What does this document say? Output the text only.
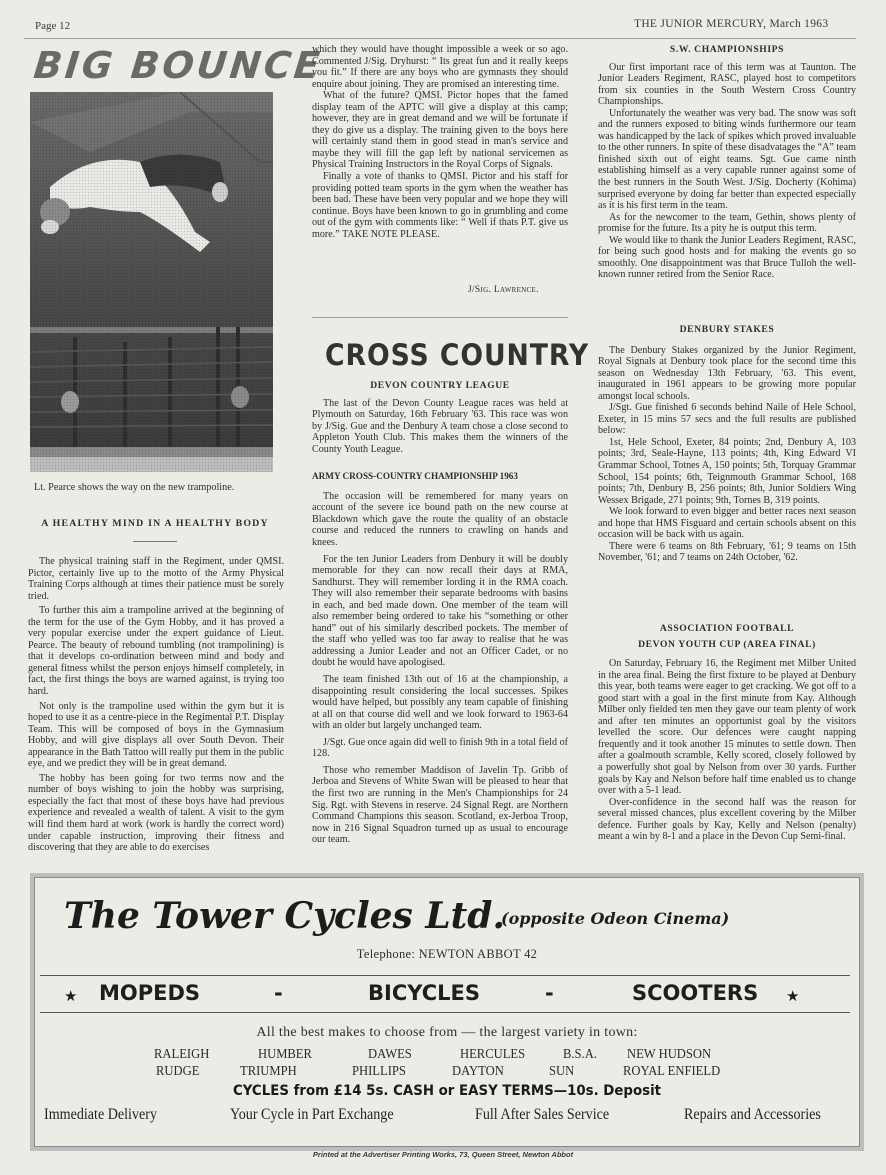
Page 12	THE JUNIOR MERCURY, March 1963
BIG BOUNCE
Lt. Pearce shows the way on the new trampoline.
A HEALTHY MIND IN A HEALTHY BODY

The physical training staff in the Regiment, under QMSI. Pictor, certainly live up to the motto of the Army Physical Training Corps although at times their patience must be sorely tried.

To further this aim a trampoline arrived at the beginning of the term for the use of the Gym Hobby, and it has proved a very popular exercise under the expert guidance of Lieut. Pearce. The beauty of rebound tumbling (not trampolining) is that it develops co-ordination between mind and body and general fitness whilst the person enjoys himself completely, in fact, the first things the boys are warned against, is trying too hard.

Not only is the trampoline used within the gym but it is hoped to use it as a centre-piece in the Regimental P.T. Display Team. This will be composed of boys in the Gymnasium Hobby, and will give displays all over South Devon. Their appearance in the Bath Tattoo will really put them in the public eye, and we predict they will be in great demand.

The hobby has been going for two terms now and the number of boys wishing to join the hobby was surprising, especially the fact that most of these boys have had previous experience and revealed a wealth of talent. A visit to the gym will find them hard at work (work is hardly the correct word) under capable instruction, improving their fitness and discovering that they are able to do exercises

which they would have thought impossible a week or so ago. Commented J/Sig. Dryhurst: “ Its great fun and it really keeps you fit.” If there are any boys who are gymnasts they should enquire about joining. They are promised an interesting time.

What of the future? QMSI. Pictor hopes that the famed display team of the APTC will give a display at this camp; however, they are in great demand and we will be fortunate if they do give us a display. The training given to the boys here will certainly stand them in good stead in man's service and maybe they will fill the gap left by national servicemen as Physical Training Instructors in the Royal Corps of Signals.

Finally a vote of thanks to QMSI. Pictor and his staff for providing potted team sports in the gym when the weather has been bad. These have been very popular and we hope they will continue. Boys have been known to go in grumbling and come out of the gym with comments like: “ Well if thats P.T. give us more.” TAKE NOTE PLEASE.

J/Sig. Lawrence.
CROSS COUNTRY
DEVON COUNTRY LEAGUE

The last of the Devon County League races was held at Plymouth on Saturday, 16th February '63. This race was won by J/Sig. Gue and the Denbury A team chose a close second to Appleton Youth Club. This makes them the winners of the County Youth League.

ARMY CROSS-COUNTRY CHAMPIONSHIP 1963

The occasion will be remembered for many years on account of the severe ice bound path on the new course at Blackdown which gave the route the quality of an obstacle course and reduced the runners to crawling on hands and knees.

For the ten Junior Leaders from Denbury it will be doubly memorable for they can now recall their days at RMA, Sandhurst. They will remember lording it in the RMA coach. They will also remember their separate bedrooms with basins in each, and bed made down. One member of the team will also remember being ordered to take his “something or other hand” out of his similarly described pockets. The member of the staff who yelled was too far away to realise that he was addressing a Junior Leader and not an Officer Cadet, or no doubt he would have apologised.

The team finished 13th out of 16 at the championship, a disappointing result considering the local successes. Spikes would have helped, but possibly any team capable of finishing at all on that course did well and we look forward to 1963-64 with an older but largely unchanged team.

J/Sgt. Gue once again did well to finish 9th in a total field of 128.

Those who remember Maddison of Javelin Tp. Gribb of Jerboa and Stevens of White Swan will be pleased to hear that the first two are running in the Men's Championships for 24 Sig. Rgt. with Stevens in reserve. 24 Signal Regt. are Northern Command Champions this season. Scotland, ex-Jerboa Troop, now in 216 Signal Squadron turned up as usual to encourage our team.

S.W. CHAMPIONSHIPS

Our first important race of this term was at Taunton. The Junior Leaders Regiment, RASC, played host to competitors from six counties in the South Western Cross Country Championships.

Unfortunately the weather was very bad. The snow was soft and the runners exposed to biting winds furthermore our team was handicapped by the lack of spikes which proved invaluable to the other runners. In spite of these disadvatages the “A” team finished sixth out of eight teams. Sgt. Gue came ninth establishing himself as a very capable runner against some of the best runners in the South West. J/Sig. Docherty (Kohima) surprised everyone by doing far better than expected especially as it is his first term in the team.

As for the newcomer to the team, Gethin, shows plenty of promise for the future. Its a pity he is output this term.

We would like to thank the Junior Leaders Regiment, RASC, for being such good hosts and for making the events go so smoothly. One disappointment was that Bruce Tulloh the well-known runner retired from the Senior Race.

DENBURY STAKES

The Denbury Stakes organized by the Junior Regiment, Royal Signals at Denbury took place for the second time this season on Wednesday 13th February, '63. This event, inaugurated in 1961 appears to be growing more popular amongst local schools.

J/Sgt. Gue finished 6 seconds behind Naile of Hele School, Exeter, in 15 mins 57 secs and the full results are published below:

1st, Hele School, Exeter, 84 points; 2nd, Denbury A, 103 points; 3rd, Seale-Hayne, 113 points; 4th, King Edward VI Grammar School, Totnes A, 150 points; 5th, Torquay Grammar School, 154 points; 6th, Teignmouth Grammar School, 168 points; 7th, Denbury B, 256 points; 8th, Junior Soldiers Wing Wessex Brigade, 271 points; 9th, Tornes B, 319 points.

We look forward to even bigger and better races next season and hope that HMS Fisguard and certain schools absent on this occasion will be back with us again.

There were 6 teams on 8th February, '61; 9 teams on 15th November, '61; and 7 teams on 24th October, '62.

ASSOCIATION FOOTBALL
DEVON YOUTH CUP (AREA FINAL)

On Saturday, February 16, the Regiment met Milber United in the area final. Being the first fixture to be played at Denbury this year, both teams were eager to get cracking. We got off to a good start with a goal in the first minute from Kay. Although Milber only fielded ten men they gave our team plenty of work and after ten minutes an opportunist goal by the visitors levelled the score. Our defences were caught napping frequently and it took another 15 minutes to settle down. Then after a goalmouth scramble, Kelly scored, closely followed by a powerfully shot goal by Nelson from over 30 yards. Further goals by Kay and Nelson before half time enabled us to change over with a 5-1 lead.

Over-confidence in the second half was the reason for several missed chances, plus excellent covering by the Milber defence. Further goals by Kay, Kelly and Nelson (penalty) meant a win by 8-1 and a place in the Devon Cup Semi-final.

The Tower Cycles Ltd.
(opposite Odeon Cinema)
Telephone: NEWTON ABBOT 42
★ MOPEDS	-	BICYCLES	-	SCOOTERS ★
All the best makes to choose from — the largest variety in town:
RALEIGH	HUMBER	DAWES	HERCULES	B.S.A. NEW HUDSON
RUDGE	TRIUMPH	PHILLIPS	DAYTON	SUN	ROYAL ENFIELD
CYCLES from £14 5s. CASH or EASY TERMS—10s. Deposit
Immediate Delivery	Your Cycle in Part Exchange	Full After Sales Service	Repairs and Accessories
Printed at the Advertiser Printing Works, 73, Queen Street, Newton Abbot
